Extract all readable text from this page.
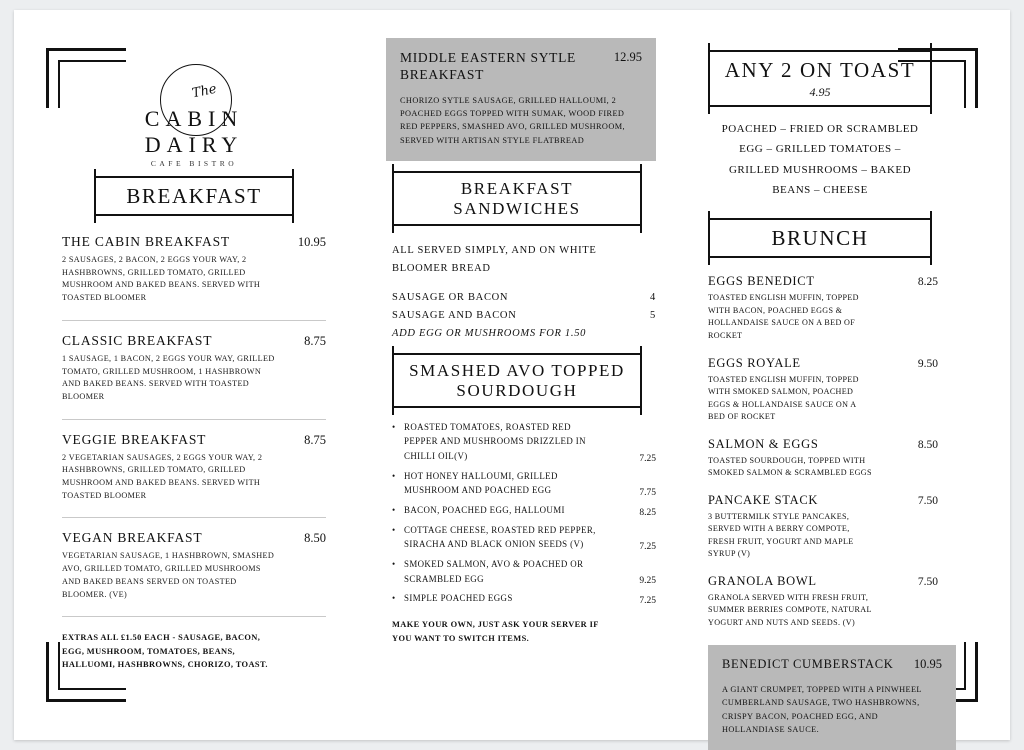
The
CABIN
DAIRY
CAFE BISTRO
BREAKFAST
THE CABIN BREAKFAST	10.95
2 SAUSAGES, 2 BACON, 2 EGGS YOUR WAY, 2 HASHBROWNS, GRILLED TOMATO, GRILLED MUSHROOM AND BAKED BEANS. SERVED WITH TOASTED BLOOMER
CLASSIC BREAKFAST	8.75
1 SAUSAGE, 1 BACON, 2 EGGS YOUR WAY, GRILLED TOMATO, GRILLED MUSHROOM, 1 HASHBROWN AND BAKED BEANS. SERVED WITH TOASTED BLOOMER
VEGGIE BREAKFAST	8.75
2 VEGETARIAN SAUSAGES, 2 EGGS YOUR WAY, 2 HASHBROWNS, GRILLED TOMATO, GRILLED MUSHROOM AND BAKED BEANS. SERVED WITH TOASTED BLOOMER
VEGAN BREAKFAST	8.50
VEGETARIAN SAUSAGE, 1 HASHBROWN, SMASHED AVO, GRILLED TOMATO, GRILLED MUSHROOMS AND BAKED BEANS SERVED ON TOASTED BLOOMER. (VE)
EXTRAS ALL £1.50 EACH - SAUSAGE, BACON, EGG, MUSHROOM, TOMATOES, BEANS, HALLUOMI, HASHBROWNS, CHORIZO, TOAST.
MIDDLE EASTERN SYTLE BREAKFAST
12.95
CHORIZO SYTLE SAUSAGE, GRILLED HALLOUMI, 2 POACHED EGGS TOPPED WITH SUMAK, WOOD FIRED RED PEPPERS, SMASHED AVO, GRILLED MUSHROOM, SERVED WITH ARTISAN STYLE FLATBREAD
BREAKFAST SANDWICHES
ALL SERVED SIMPLY, AND ON WHITE BLOOMER BREAD
SAUSAGE OR BACON	4
SAUSAGE AND BACON	5
ADD EGG OR MUSHROOMS FOR 1.50
SMASHED AVO TOPPED
SOURDOUGH
• ROASTED TOMATOES, ROASTED RED PEPPER AND MUSHROOMS DRIZZLED IN CHILLI OIL(V)	7.25
• HOT HONEY HALLOUMI, GRILLED MUSHROOM AND POACHED EGG	7.75
• BACON, POACHED EGG, HALLOUMI	8.25
• COTTAGE CHEESE, ROASTED RED PEPPER, SIRACHA AND BLACK ONION SEEDS (V)	7.25
• SMOKED SALMON, AVO & POACHED OR SCRAMBLED EGG	9.25
• SIMPLE POACHED EGGS	7.25
MAKE YOUR OWN, JUST ASK YOUR SERVER IF YOU WANT TO SWITCH ITEMS.
ANY 2 ON TOAST
4.95
POACHED – FRIED OR SCRAMBLED
EGG – GRILLED TOMATOES –
GRILLED MUSHROOMS – BAKED
BEANS – CHEESE
BRUNCH
EGGS BENEDICT	8.25
TOASTED ENGLISH MUFFIN, TOPPED WITH BACON, POACHED EGGS & HOLLANDAISE SAUCE ON A BED OF ROCKET
EGGS ROYALE	9.50
TOASTED ENGLISH MUFFIN, TOPPED WITH SMOKED SALMON, POACHED EGGS & HOLLANDAISE SAUCE ON A BED OF ROCKET
SALMON & EGGS	8.50
TOASTED SOURDOUGH, TOPPED WITH SMOKED SALMON & SCRAMBLED EGGS
PANCAKE STACK	7.50
3 BUTTERMILK STYLE PANCAKES, SERVED WITH A BERRY COMPOTE, FRESH FRUIT, YOGURT AND MAPLE SYRUP (V)
GRANOLA BOWL	7.50
GRANOLA SERVED WITH FRESH FRUIT, SUMMER BERRIES COMPOTE, NATURAL YOGURT AND NUTS AND SEEDS. (V)
BENEDICT CUMBERSTACK 10.95
A GIANT CRUMPET, TOPPED WITH A PINWHEEL CUMBERLAND SAUSAGE, TWO HASHBROWNS, CRISPY BACON, POACHED EGG, AND HOLLANDIASE SAUCE.
